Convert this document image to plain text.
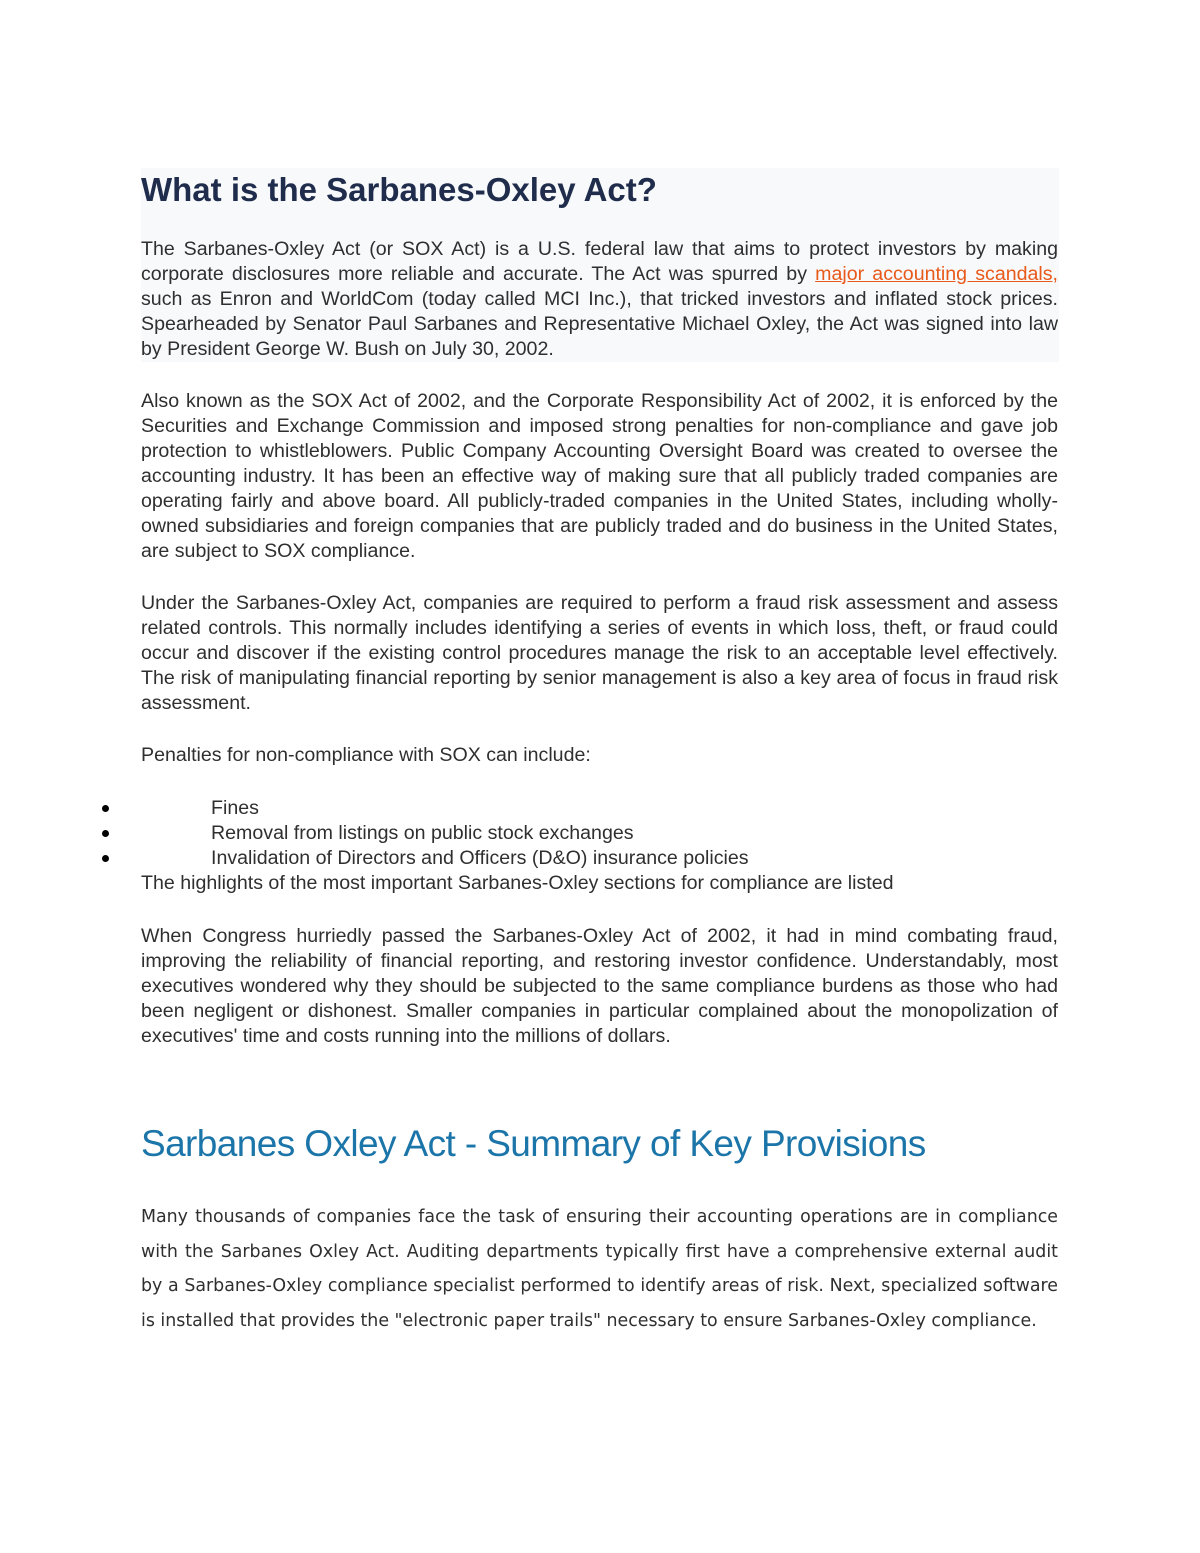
What is the Sarbanes-Oxley Act?

The Sarbanes-Oxley Act (or SOX Act) is a U.S. federal law that aims to protect investors by making corporate disclosures more reliable and accurate. The Act was spurred by major accounting scandals, such as Enron and WorldCom (today called MCI Inc.), that tricked investors and inflated stock prices. Spearheaded by Senator Paul Sarbanes and Representative Michael Oxley, the Act was signed into law by President George W. Bush on July 30, 2002.

Also known as the SOX Act of 2002, and the Corporate Responsibility Act of 2002, it is enforced by the Securities and Exchange Commission and imposed strong penalties for non-compliance and gave job protection to whistleblowers. Public Company Accounting Oversight Board was created to oversee the accounting industry. It has been an effective way of making sure that all publicly traded companies are operating fairly and above board. All publicly-traded companies in the United States, including wholly-owned subsidiaries and foreign companies that are publicly traded and do business in the United States, are subject to SOX compliance.

Under the Sarbanes-Oxley Act, companies are required to perform a fraud risk assessment and assess related controls. This normally includes identifying a series of events in which loss, theft, or fraud could occur and discover if the existing control procedures manage the risk to an acceptable level effectively. The risk of manipulating financial reporting by senior management is also a key area of focus in fraud risk assessment.

Penalties for non-compliance with SOX can include:

Fines
Removal from listings on public stock exchanges
Invalidation of Directors and Officers (D&O) insurance policies

The highlights of the most important Sarbanes-Oxley sections for compliance are listed

When Congress hurriedly passed the Sarbanes-Oxley Act of 2002, it had in mind combating fraud, improving the reliability of financial reporting, and restoring investor confidence. Understandably, most executives wondered why they should be subjected to the same compliance burdens as those who had been negligent or dishonest. Smaller companies in particular complained about the monopolization of executives' time and costs running into the millions of dollars.

Sarbanes Oxley Act - Summary of Key Provisions

Many thousands of companies face the task of ensuring their accounting operations are in compliance with the Sarbanes Oxley Act. Auditing departments typically first have a comprehensive external audit by a Sarbanes-Oxley compliance specialist performed to identify areas of risk. Next, specialized software is installed that provides the "electronic paper trails" necessary to ensure Sarbanes-Oxley compliance.
